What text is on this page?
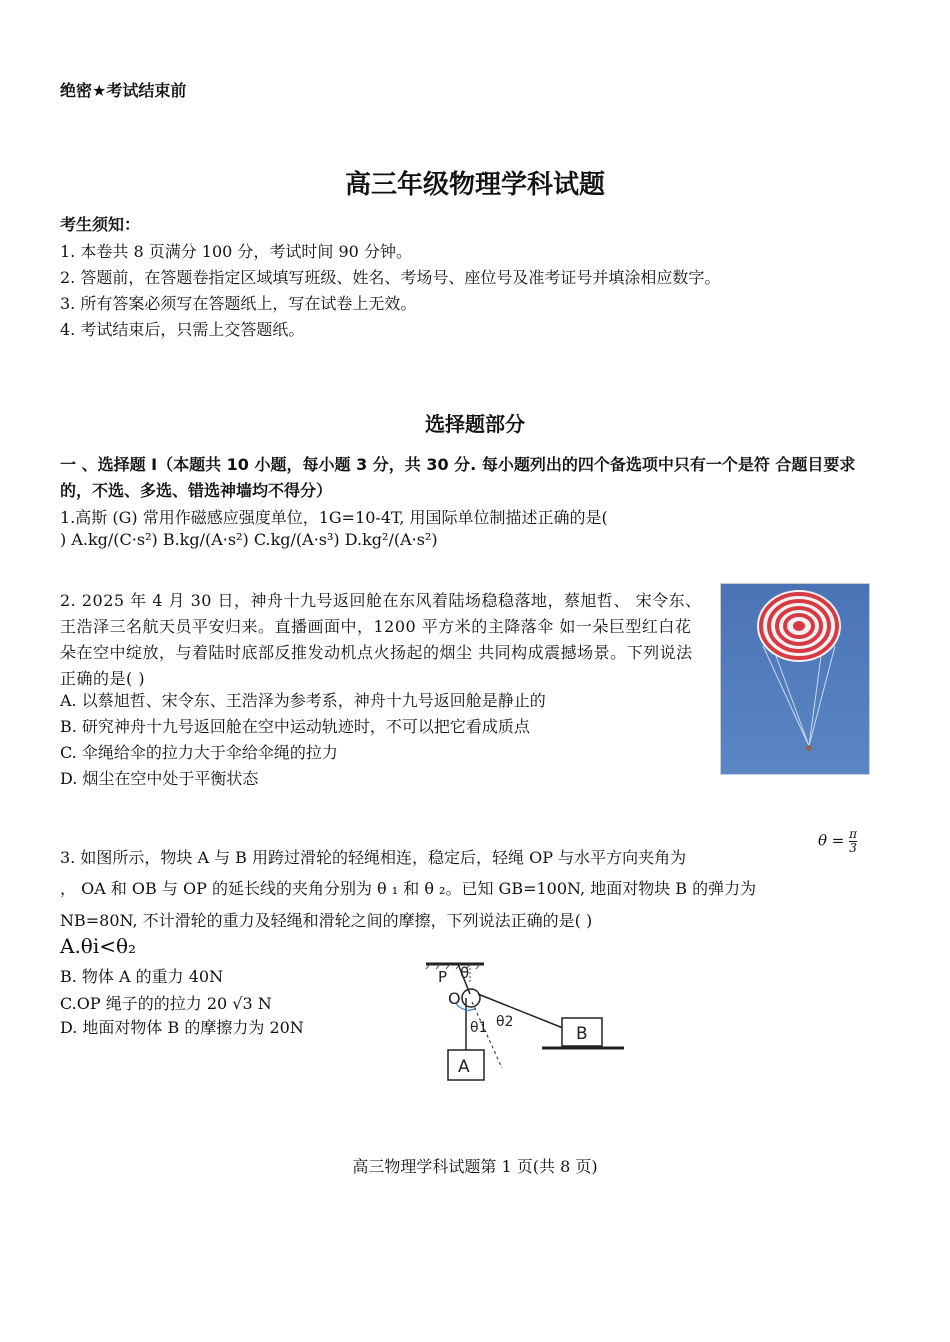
绝密★考试结束前
高三年级物理学科试题
考生须知：
1. 本卷共 8 页满分 100 分，考试时间 90 分钟。
2. 答题前，在答题卷指定区域填写班级、姓名、考场号、座位号及准考证号并填涂相应数字。
3. 所有答案必须写在答题纸上，写在试卷上无效。
4. 考试结束后，只需上交答题纸。
选择题部分
一 、选择题 I（本题共 10 小题，每小题 3 分，共 30 分. 每小题列出的四个备选项中只有一个是符 合题目要求的，不选、多选、错选神墙均不得分）
1.高斯 (G) 常用作磁感应强度单位，1G=10-4T, 用国际单位制描述正确的是(
) A.kg/(C·s²) B.kg/(A·s²) C.kg/(A·s³) D.kg²/(A·s²)
2. 2025 年 4 月 30 日，神舟十九号返回舱在东风着陆场稳稳落地，蔡旭哲、 宋令东、王浩泽三名航天员平安归来。直播画面中，1200 平方米的主降落伞 如一朵巨型红白花朵在空中绽放，与着陆时底部反推发动机点火扬起的烟尘 共同构成震撼场景。下列说法正确的是( )
A. 以蔡旭哲、宋令东、王浩泽为参考系，神舟十九号返回舱是静止的
B. 研究神舟十九号返回舱在空中运动轨迹时，不可以把它看成质点
C. 伞绳给伞的拉力大于伞给伞绳的拉力
D. 烟尘在空中处于平衡状态
3. 如图所示，物块 A 与 B 用跨过滑轮的轻绳相连，稳定后，轻绳 OP 与水平方向夹角为
$\theta = \frac{\pi}{3}$
， OA 和 OB 与 OP 的延长线的夹角分别为 θ ₁ 和 θ ₂。已知 GB=100N, 地面对物块 B 的弹力为
NB=80N, 不计滑轮的重力及轻绳和滑轮之间的摩擦，下列说法正确的是( )
A.θi<θ₂
B. 物体 A 的重力 40N
C.OP 绳子的的拉力 20 √3 N
D. 地面对物体 B 的摩擦力为 20N
P θ
O
θ1 θ2
A
B
高三物理学科试题第 1 页(共 8 页)
